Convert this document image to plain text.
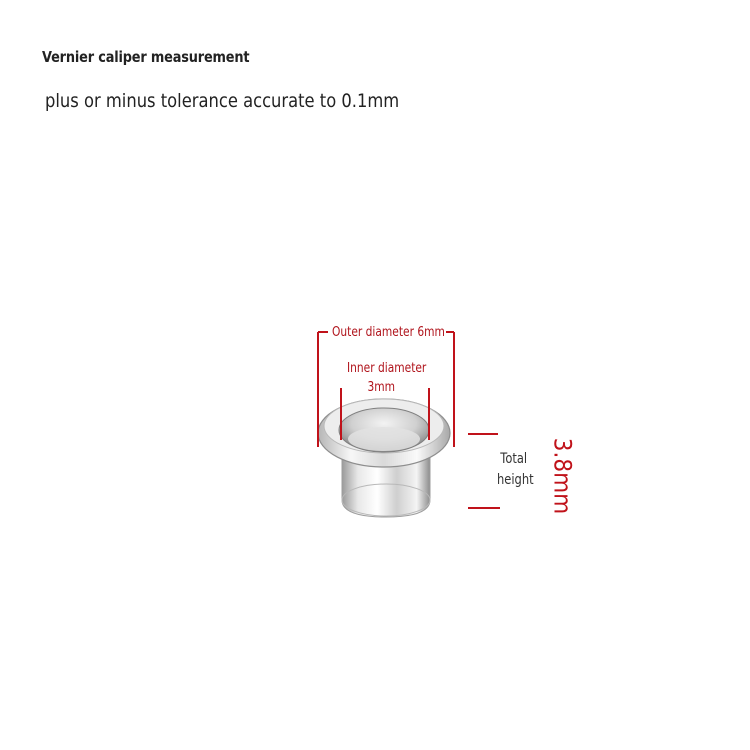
Vernier caliper measurement
plus or minus tolerance accurate to 0.1mm
Outer diameter 6mm
Inner diameter
3mm
Total
height 3.8mm
